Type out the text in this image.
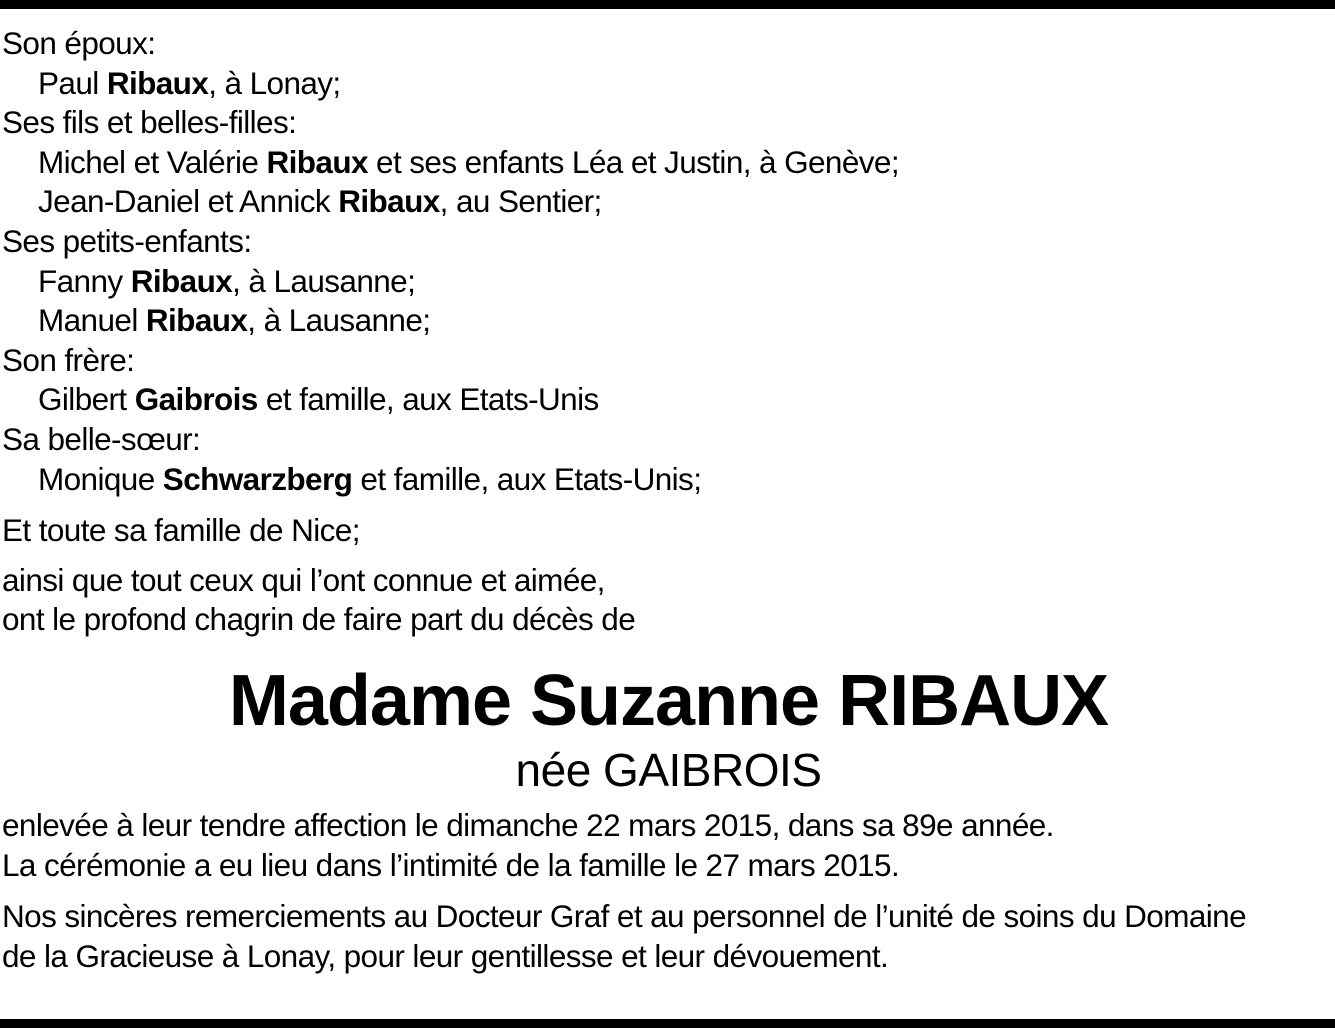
Son époux:
Paul Ribaux, à Lonay;
Ses fils et belles-filles:
Michel et Valérie Ribaux et ses enfants Léa et Justin, à Genève;
Jean-Daniel et Annick Ribaux, au Sentier;
Ses petits-enfants:
Fanny Ribaux, à Lausanne;
Manuel Ribaux, à Lausanne;
Son frère:
Gilbert Gaibrois et famille, aux Etats-Unis
Sa belle-sœur:
Monique Schwarzberg et famille, aux Etats-Unis;
Et toute sa famille de Nice;
ainsi que tout ceux qui l’ont connue et aimée,
ont le profond chagrin de faire part du décès de
Madame Suzanne RIBAUX
née GAIBROIS
enlevée à leur tendre affection le dimanche 22 mars 2015, dans sa 89e année.
La cérémonie a eu lieu dans l’intimité de la famille le 27 mars 2015.
Nos sincères remerciements au Docteur Graf et au personnel de l’unité de soins du Domaine
de la Gracieuse à Lonay, pour leur gentillesse et leur dévouement.
